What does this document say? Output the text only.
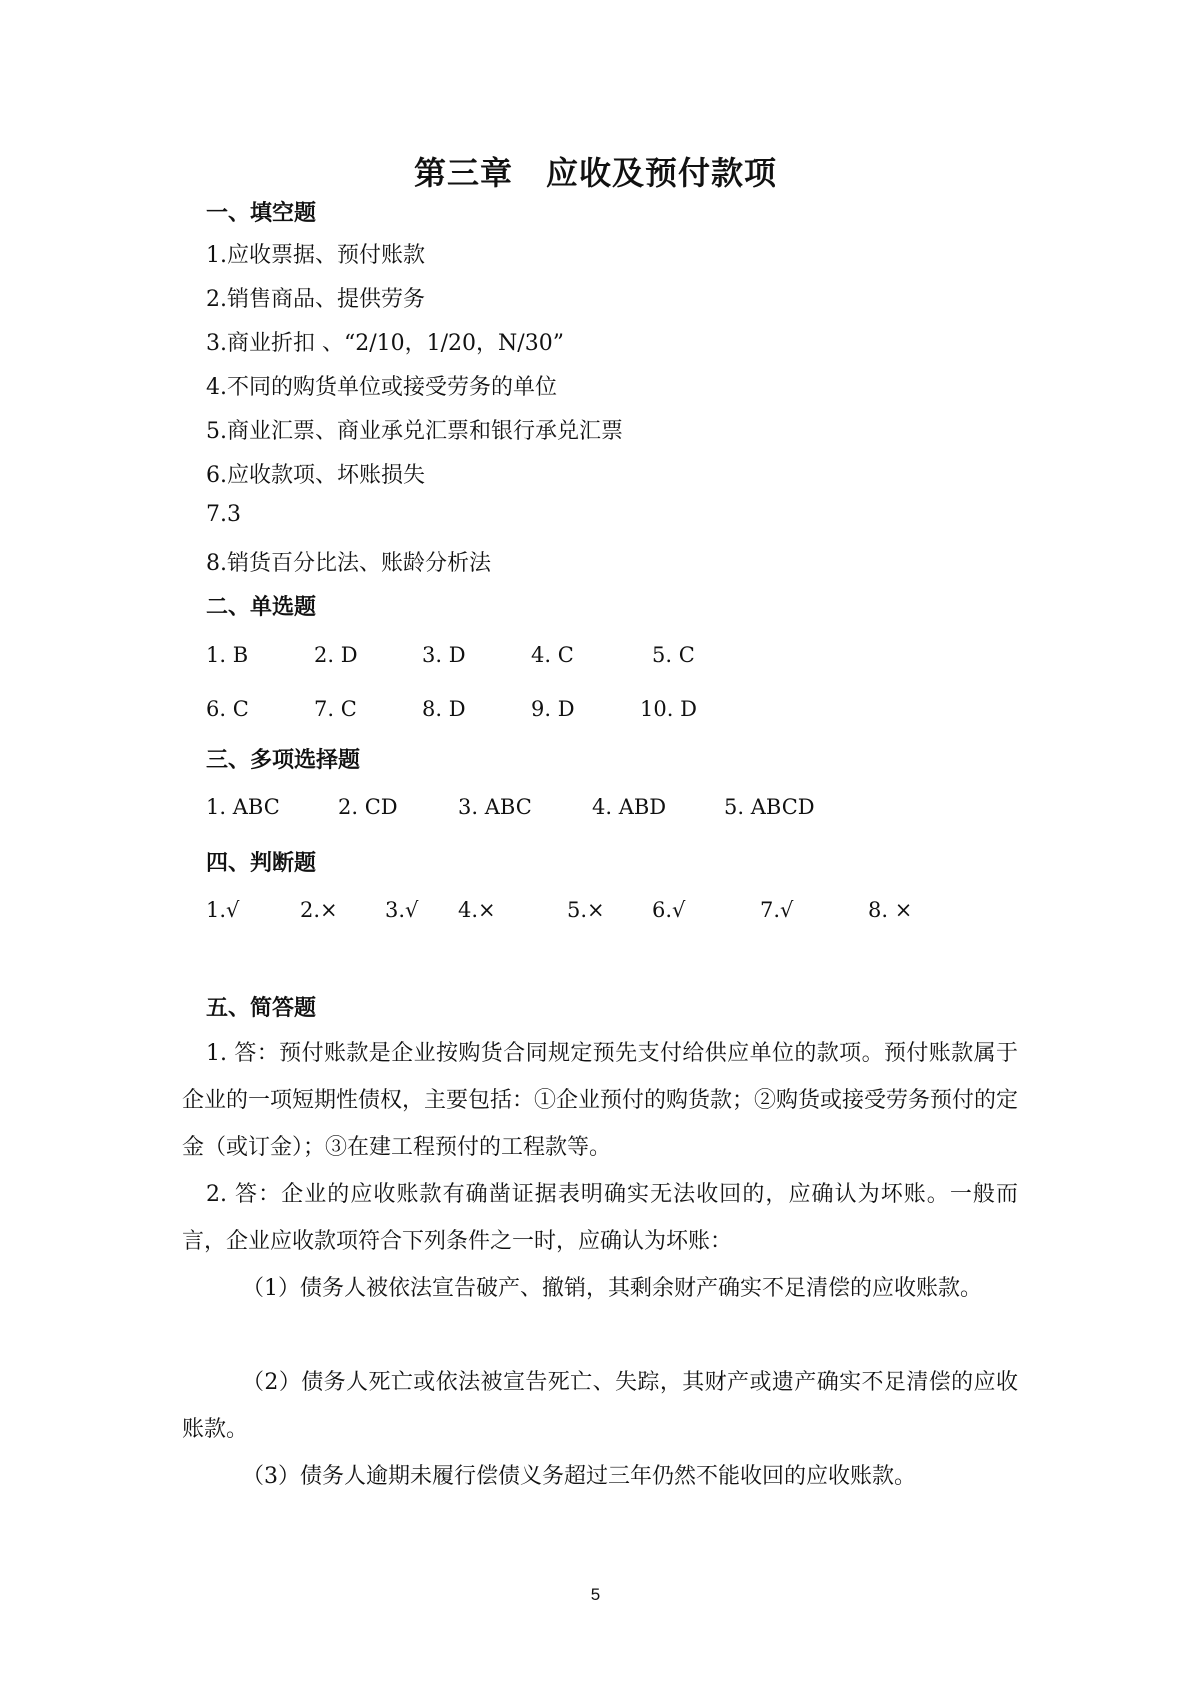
第三章　应收及预付款项
一、填空题
1.应收票据、预付账款
2.销售商品、提供劳务
3.商业折扣 、“2/10，1/20，N/30”
4.不同的购货单位或接受劳务的单位
5.商业汇票、商业承兑汇票和银行承兑汇票
6.应收款项、坏账损失
7.3
8.销货百分比法、账龄分析法
二、单选题
1. B	2. D	3. D	4. C	5. C
6. C	7. C	8. D	9. D	10. D
三、多项选择题
1. ABC	2. CD	3. ABC	4. ABD	5. ABCD
四、判断题
1.√	2.× 3.√ 4.×	5.× 6.√	7.√	8. ×
五、简答题
1. 答：预付账款是企业按购货合同规定预先支付给供应单位的款项。预付账款属于企业的一项短期性债权，主要包括：①企业预付的购货款；②购货或接受劳务预付的定金（或订金）；③在建工程预付的工程款等。
2. 答：企业的应收账款有确凿证据表明确实无法收回的，应确认为坏账。一般而言，企业应收款项符合下列条件之一时，应确认为坏账：
（1）债务人被依法宣告破产、撤销，其剩余财产确实不足清偿的应收账款。
（2）债务人死亡或依法被宣告死亡、失踪，其财产或遗产确实不足清偿的应收账款。
（3）债务人逾期未履行偿债义务超过三年仍然不能收回的应收账款。
5
